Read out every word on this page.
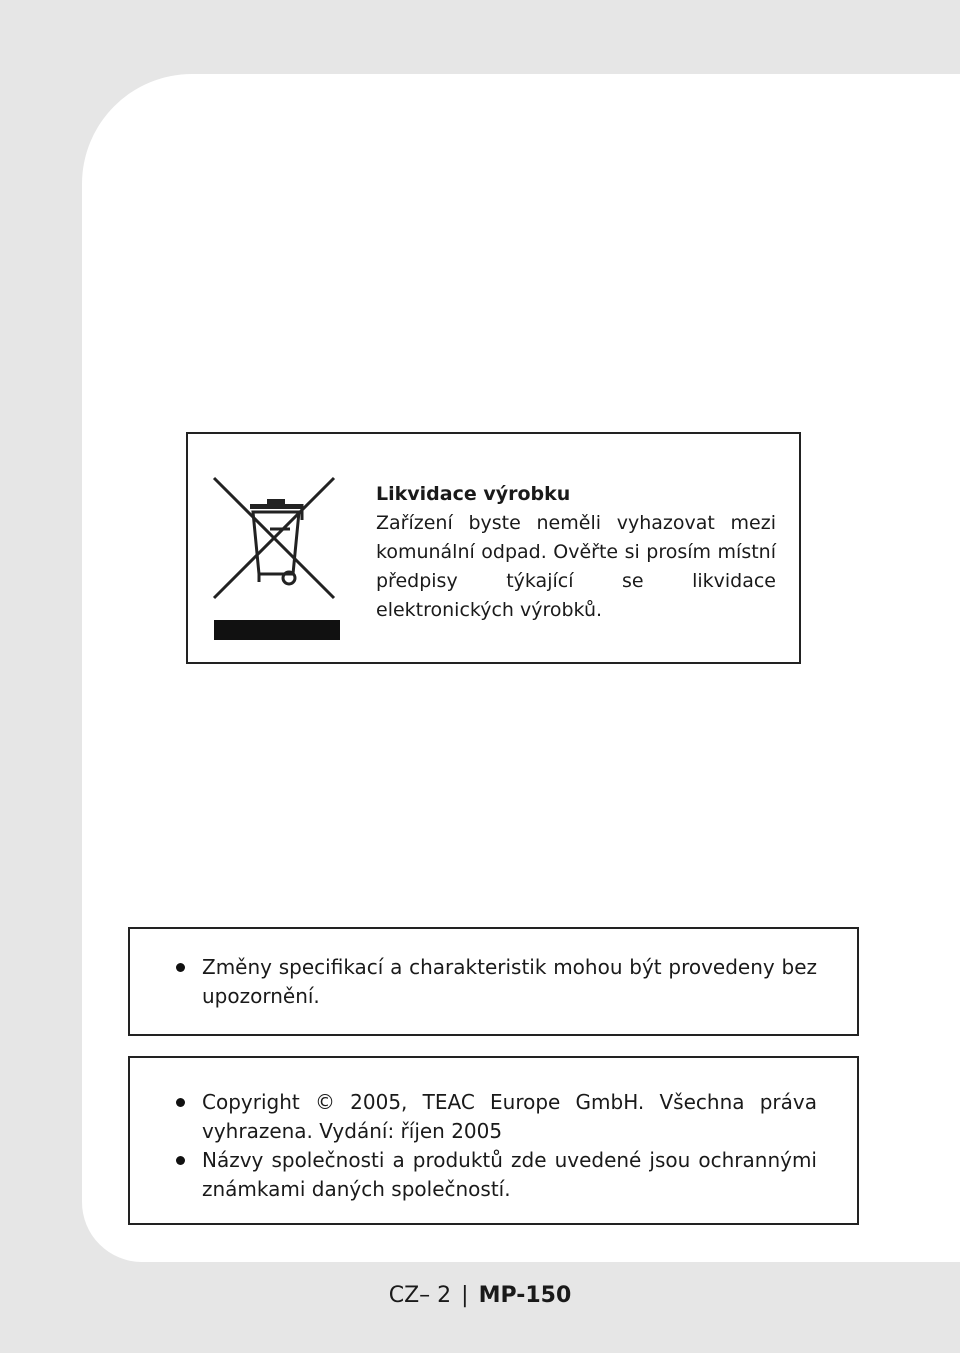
Likvidace výrobku
Zařízení byste neměli vyhazovat mezi komunální odpad. Ověřte si prosím místní předpisy týkající se likvidace elektronických výrobků.
Změny specifikací a charakteristik mohou být provedeny bez upozornění.
Copyright © 2005, TEAC Europe GmbH. Všechna práva vyhrazena. Vydání: říjen 2005
Názvy společnosti a produktů zde uvedené jsou ochrannými známkami daných společností.
CZ– 2 | MP-150
